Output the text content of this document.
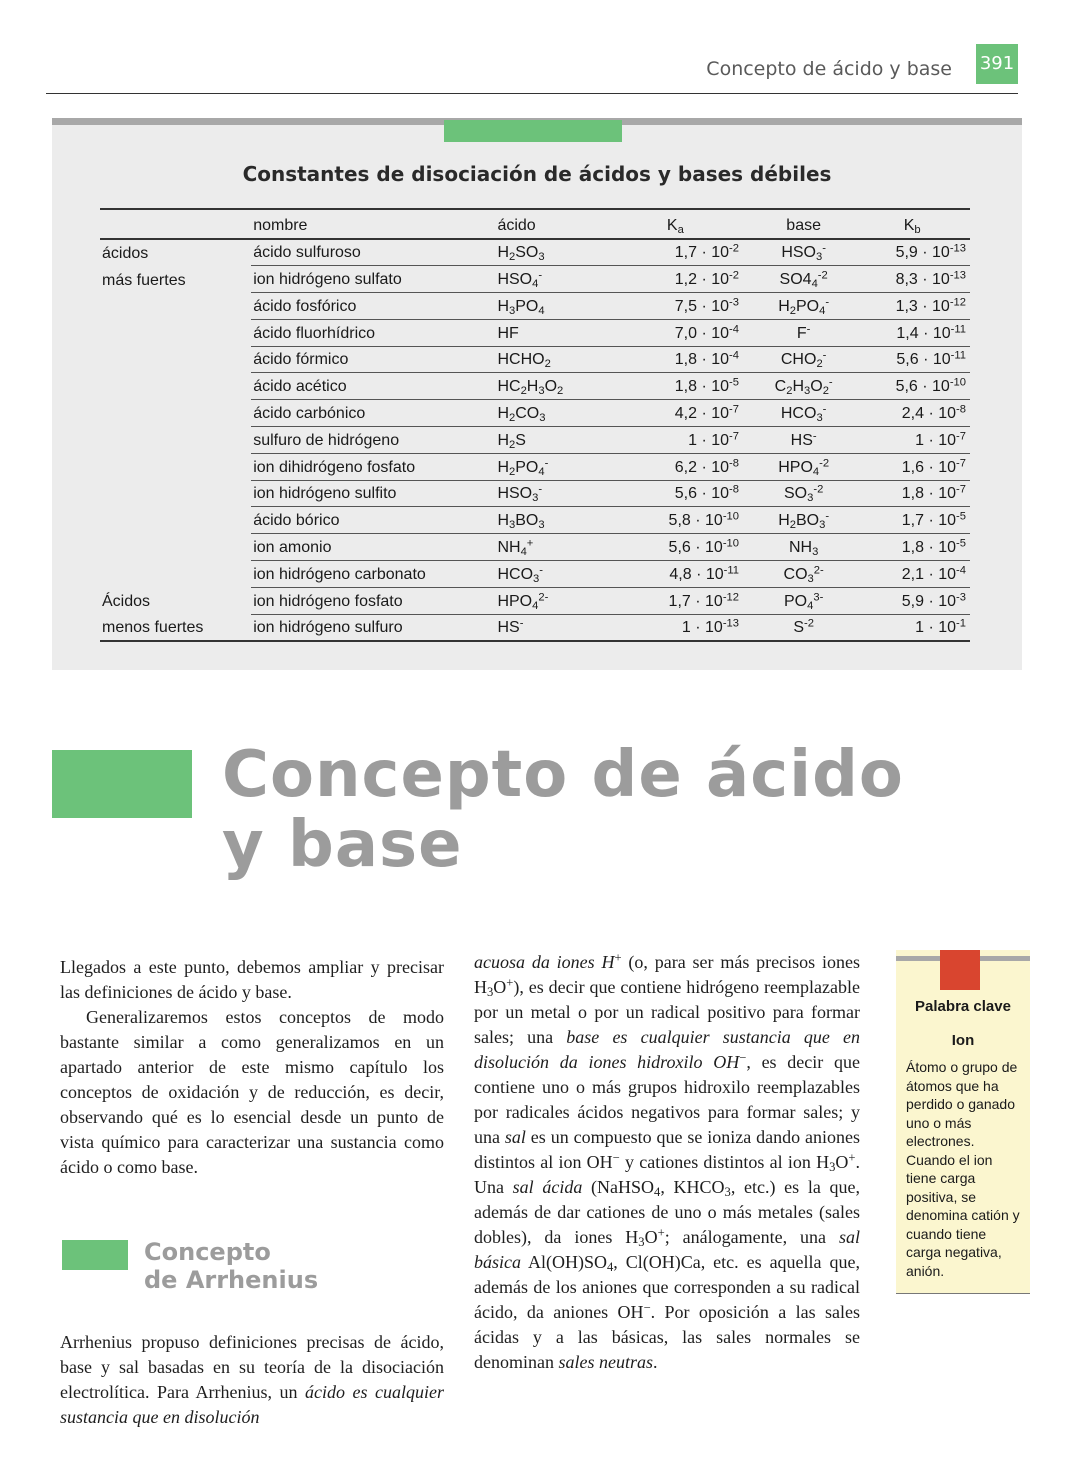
Concepto de ácido y base 391
Constantes de disociación de ácidos y bases débiles
	nombre	ácido	$K_a$	base	$K_b$
ácidos	ácido sulfuroso	$H_2SO_3$	$1,7 \cdot 10^{-2}$	$HSO_3^-$	$5,9 \cdot 10^{-13}$
más fuertes	ion hidrógeno sulfato	$HSO_4^-$	$1,2 \cdot 10^{-2}$	$SO4_4^{-2}$	$8,3 \cdot 10^{-13}$
	ácido fosfórico	$H_3PO_4$	$7,5 \cdot 10^{-3}$	$H_2PO_4^-$	$1,3 \cdot 10^{-12}$
	ácido fluorhídrico	HF	$7,0 \cdot 10^{-4}$	F-	$1,4 \cdot 10^{-11}$
	ácido fórmico	$HCHO_2$	$1,8 \cdot 10^{-4}$	$CHO_2^-$	$5,6 \cdot 10^{-11}$
	ácido acético	$HC_2H_3O_2$	$1,8 \cdot 10^{-5}$	$C_2H_3O_2^-$	$5,6 \cdot 10^{-10}$
	ácido carbónico	$H_2CO_3$	$4,2 \cdot 10^{-7}$	$HCO_3^-$	$2,4 \cdot 10^{-8}$
	sulfuro de hidrógeno	$H_2S$	$1 \cdot 10^{-7}$	HS-	$1 \cdot 10^{-7}$
	ion dihidrógeno fosfato	$H_2PO_4^-$	$6,2 \cdot 10^{-8}$	$HPO_4^{-2}$	$1,6 \cdot 10^{-7}$
	ion hidrógeno sulfito	$HSO_3^-$	$5,6 \cdot 10^{-8}$	$SO_3^{-2}$	$1,8 \cdot 10^{-7}$
	ácido bórico	$H_3BO_3$	$5,8 \cdot 10^{-10}$	$H_2BO_3^-$	$1,7 \cdot 10^{-5}$
	ion amonio	$NH_4^+$	$5,6 \cdot 10^{-10}$	$NH_3$	$1,8 \cdot 10^{-5}$
	ion hidrógeno carbonato	$HCO_3^-$	$4,8 \cdot 10^{-11}$	$CO_3^{2-}$	$2,1 \cdot 10^{-4}$
Ácidos	ion hidrógeno fosfato	$HPO_4^{2-}$	$1,7 \cdot 10^{-12}$	$PO_4^{3-}$	$5,9 \cdot 10^{-3}$
menos fuertes	ion hidrógeno sulfuro	HS-	$1 \cdot 10^{-13}$	$S^{-2}$	$1 \cdot 10^{-1}$
Concepto de ácido
y base

Llegados a este punto, debemos ampliar y precisar las definiciones de ácido y base.

Generalizaremos estos conceptos de modo bastante similar a como generalizamos en un apartado anterior de este mismo capítulo los conceptos de oxidación y de reducción, es decir, observando qué es lo esencial desde un punto de vista químico para caracterizar una sustancia como ácido o como base.

Concepto
de Arrhenius

Arrhenius propuso definiciones precisas de ácido, base y sal basadas en su teoría de la disociación electrolítica. Para Arrhenius, un ácido es cualquier sustancia que en disolución

acuosa da iones H+ (o, para ser más precisos iones $H_3O^+$), es decir que contiene hidrógeno reemplazable por un metal o por un radical positivo para formar sales; una base es cualquier sustancia que en disolución da iones hidroxilo OH−, es decir que contiene uno o más grupos hidroxilo reemplazables por radicales ácidos negativos para formar sales; y una sal es un compuesto que se ioniza dando aniones distintos al ion OH− y cationes distintos al ion $H_3O^+$. Una sal ácida (NaHSO$_4$, $KHCO_3$, etc.) es la que, además de dar cationes de uno o más metales (sales dobles), da iones $H_3O^+$; análogamente, una sal básica $Al(OH)SO_4$, Cl(OH)Ca, etc. es aquella que, además de los aniones que corresponden a su radical ácido, da aniones OH−. Por oposición a las sales ácidas y a las básicas, las sales normales se denominan sales neutras.

Palabra clave
Ion
Átomo o grupo de átomos que ha perdido o ganado uno o más electrones. Cuando el ion tiene carga positiva, se denomina catión y cuando tiene carga negativa, anión.
